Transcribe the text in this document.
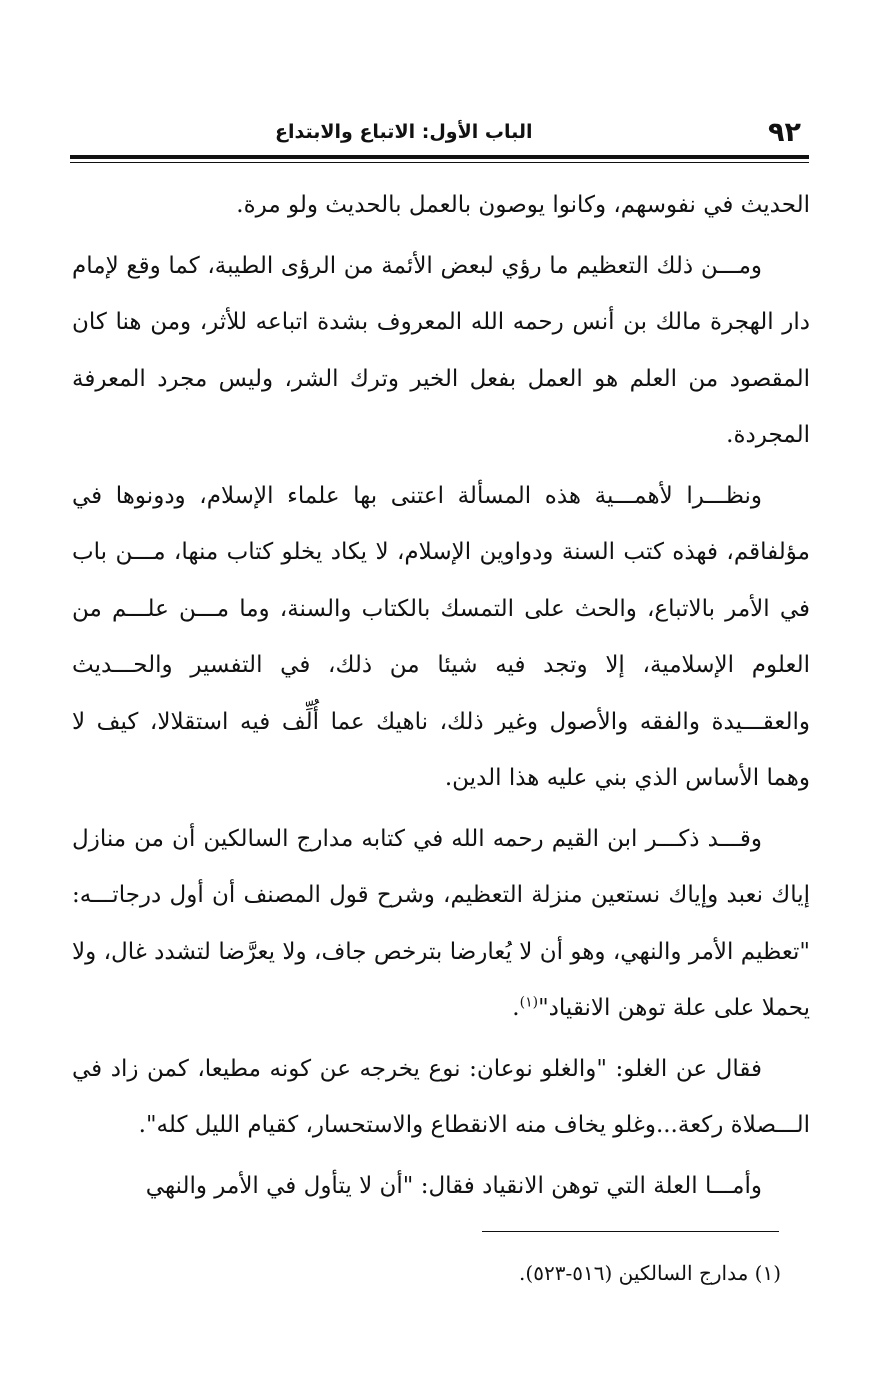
٩٢
الباب الأول: الاتباع والابتداع

الحديث في نفوسهم، وكانوا يوصون بالعمل بالحديث ولو مرة.

ومـــن ذلك التعظيم ما رؤي لبعض الأئمة من الرؤى الطيبة، كما وقع لإمام دار الهجرة مالك بن أنس رحمه الله المعروف بشدة اتباعه للأثر، ومن هنا كان المقصود من العلم هو العمل بفعل الخير وترك الشر، وليس مجرد المعرفة المجردة.

ونظـــرا لأهمـــية هذه المسألة اعتنى بها علماء الإسلام، ودونوها في مؤلفاقم، فهذه كتب السنة ودواوين الإسلام، لا يكاد يخلو كتاب منها، مـــن باب في الأمر بالاتباع، والحث على التمسك بالكتاب والسنة، وما مـــن علـــم من العلوم الإسلامية، إلا وتجد فيه شيئا من ذلك، في التفسير والحـــديث والعقـــيدة والفقه والأصول وغير ذلك، ناهيك عما أُلِّف فيه استقلالا، كيف لا وهما الأساس الذي بني عليه هذا الدين.

وقـــد ذكـــر ابن القيم رحمه الله في كتابه مدارج السالكين أن من منازل إياك نعبد وإياك نستعين منزلة التعظيم، وشرح قول المصنف أن أول درجاتـــه: "تعظيم الأمر والنهي، وهو أن لا يُعارضا بترخص جاف، ولا يعرَّضا لتشدد غال، ولا يحملا على علة توهن الانقياد"$^{(١)}$.

فقال عن الغلو: "والغلو نوعان: نوع يخرجه عن كونه مطيعا، كمن زاد في الـــصلاة ركعة...وغلو يخاف منه الانقطاع والاستحسار، كقيام الليل كله".

وأمـــا العلة التي توهن الانقياد فقال: "أن لا يتأول في الأمر والنهي

(١) مدارج السالكين (٥١٦-٥٢٣).
